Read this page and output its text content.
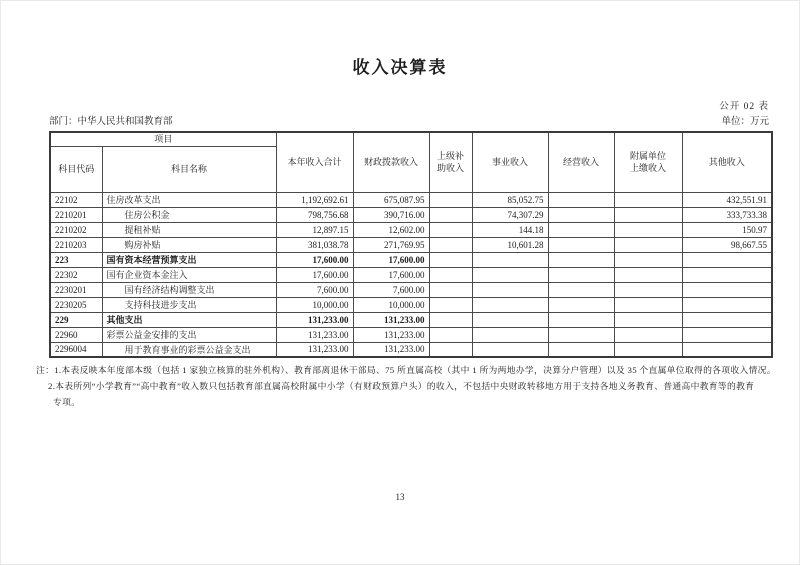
收入决算表
公开 02 表
部门：中华人民共和国教育部	单位：万元
项目		本年收入合计	财政拨款收入	上级补助收入	事业收入	经营收入	附属单位上缴收入	其他收入
科目代码	科目名称							
22102	住房改革支出	1,192,692.61	675,087.95		85,052.75			432,551.91
2210201	住房公积金	798,756.68	390,716.00		74,307.29			333,733.38
2210202	提租补贴	12,897.15	12,602.00		144.18			150.97
2210203	购房补贴	381,038.78	271,769.95		10,601.28			98,667.55
223	国有资本经营预算支出	17,600.00	17,600.00					
22302	国有企业资本金注入	17,600.00	17,600.00					
2230201	国有经济结构调整支出	7,600.00	7,600.00					
2230205	支持科技进步支出	10,000.00	10,000.00					
229	其他支出	131,233.00	131,233.00					
22960	彩票公益金安排的支出	131,233.00	131,233.00					
2296004	用于教育事业的彩票公益金支出	131,233.00	131,233.00					
注：1.本表反映本年度部本级（包括 1 家独立核算的驻外机构）、教育部离退休干部局、75 所直属高校（其中 1 所为两地办学，决算分户管理）以及 35 个直属单位取得的各项收入情况。
2.本表所列“小学教育”“高中教育”收入数只包括教育部直属高校附属中小学（有财政预算户头）的收入，不包括中央财政转移地方用于支持各地义务教育、普通高中教育等的教育
专项。
13
